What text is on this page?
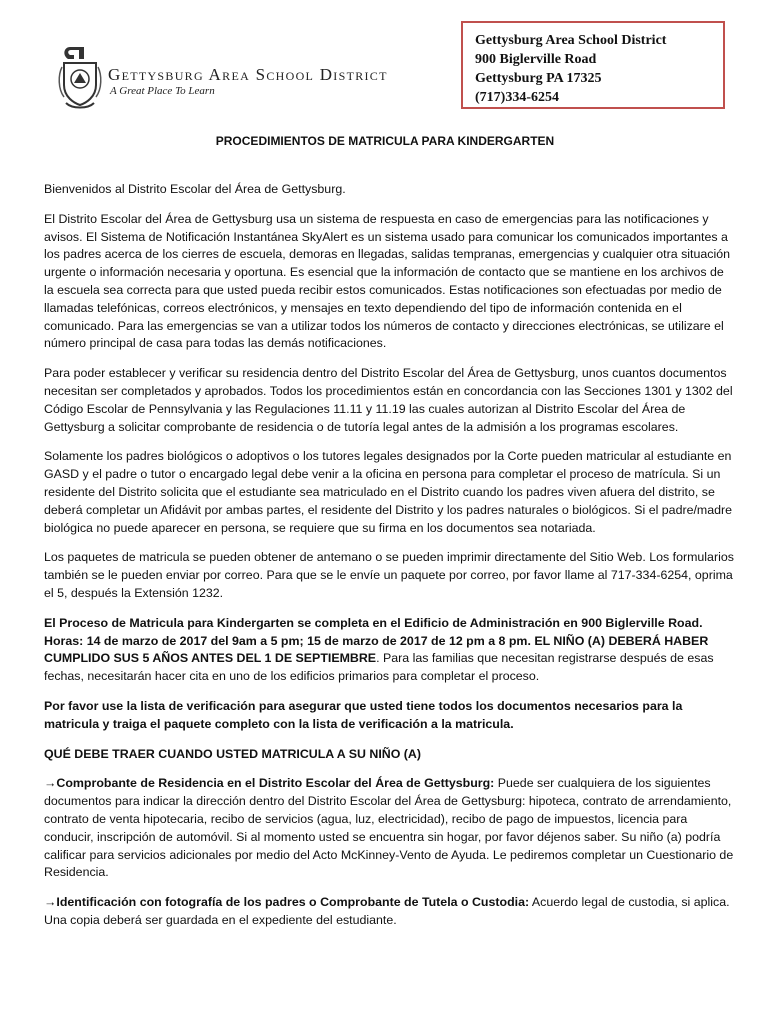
Gettysburg Area School District
A Great Place To Learn
Gettysburg Area School District
900 Biglerville Road
Gettysburg PA 17325
(717)334-6254
PROCEDIMIENTOS DE MATRICULA PARA KINDERGARTEN

Bienvenidos al Distrito Escolar del Área de Gettysburg.

El Distrito Escolar del Área de Gettysburg usa un sistema de respuesta en caso de emergencias para las notificaciones y avisos. El Sistema de Notificación Instantánea SkyAlert es un sistema usado para comunicar los comunicados importantes a los padres acerca de los cierres de escuela, demoras en llegadas, salidas tempranas, emergencias y cualquier otra situación urgente o información necesaria y oportuna. Es esencial que la información de contacto que se mantiene en los archivos de la escuela sea correcta para que usted pueda recibir estos comunicados. Estas notificaciones son efectuadas por medio de llamadas telefónicas, correos electrónicos, y mensajes en texto dependiendo del tipo de información contenida en el comunicado. Para las emergencias se van a utilizar todos los números de contacto y direcciones electrónicas, se utilizare el número principal de casa para todas las demás notificaciones.

Para poder establecer y verificar su residencia dentro del Distrito Escolar del Área de Gettysburg, unos cuantos documentos necesitan ser completados y aprobados. Todos los procedimientos están en concordancia con las Secciones 1301 y 1302 del Código Escolar de Pennsylvania y las Regulaciones 11.11 y 11.19 las cuales autorizan al Distrito Escolar del Área de Gettysburg a solicitar comprobante de residencia o de tutoría legal antes de la admisión a los programas escolares.

Solamente los padres biológicos o adoptivos o los tutores legales designados por la Corte pueden matricular al estudiante en GASD y el padre o tutor o encargado legal debe venir a la oficina en persona para completar el proceso de matrícula. Si un residente del Distrito solicita que el estudiante sea matriculado en el Distrito cuando los padres viven afuera del distrito, se deberá completar un Afidávit por ambas partes, el residente del Distrito y los padres naturales o biológicos. Si el padre/madre biológica no puede aparecer en persona, se requiere que su firma en los documentos sea notariada.

Los paquetes de matricula se pueden obtener de antemano o se pueden imprimir directamente del Sitio Web. Los formularios también se le pueden enviar por correo. Para que se le envíe un paquete por correo, por favor llame al 717-334-6254, oprima el 5, después la Extensión 1232.

El Proceso de Matricula para Kindergarten se completa en el Edificio de Administración en 900 Biglerville Road. Horas: 14 de marzo de 2017 del 9am a 5 pm; 15 de marzo de 2017 de 12 pm a 8 pm. EL NIÑO (A) DEBERÁ HABER CUMPLIDO SUS 5 AÑOS ANTES DEL 1 DE SEPTIEMBRE. Para las familias que necesitan registrarse después de esas fechas, necesitarán hacer cita en uno de los edificios primarios para completar el proceso.

Por favor use la lista de verificación para asegurar que usted tiene todos los documentos necesarios para la matricula y traiga el paquete completo con la lista de verificación a la matricula.

QUÉ DEBE TRAER CUANDO USTED MATRICULA A SU NIÑO (A)

→Comprobante de Residencia en el Distrito Escolar del Área de Gettysburg: Puede ser cualquiera de los siguientes documentos para indicar la dirección dentro del Distrito Escolar del Área de Gettysburg: hipoteca, contrato de arrendamiento, contrato de venta hipotecaria, recibo de servicios (agua, luz, electricidad), recibo de pago de impuestos, licencia para conducir, inscripción de automóvil. Si al momento usted se encuentra sin hogar, por favor déjenos saber. Su niño (a) podría calificar para servicios adicionales por medio del Acto McKinney-Vento de Ayuda. Le pediremos completar un Cuestionario de Residencia.

→Identificación con fotografía de los padres o Comprobante de Tutela o Custodia: Acuerdo legal de custodia, si aplica. Una copia deberá ser guardada en el expediente del estudiante.
